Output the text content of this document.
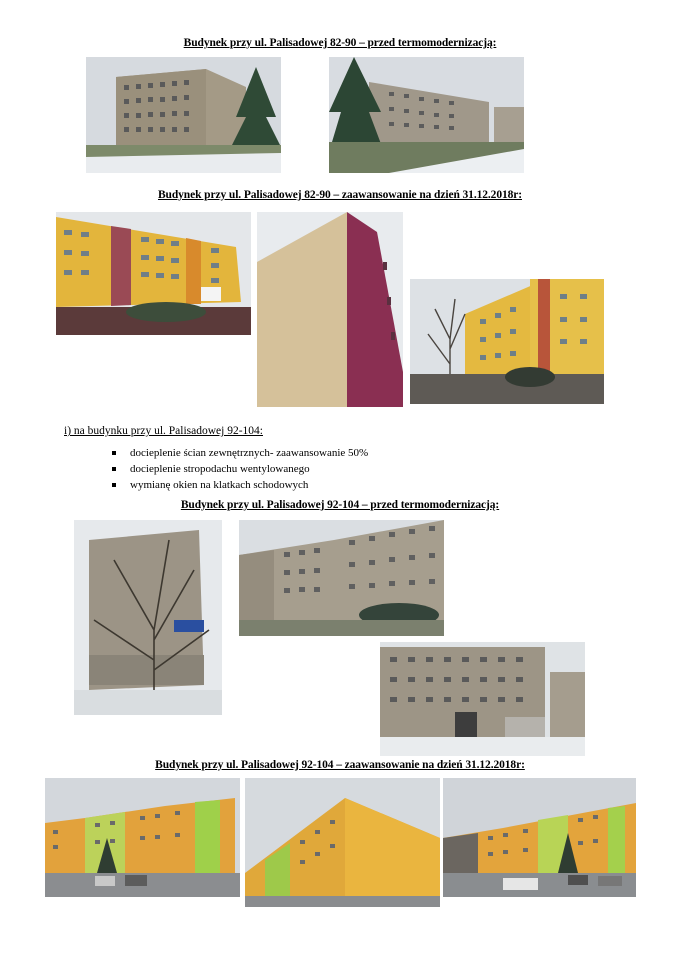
Budynek przy ul. Palisadowej 82-90 – przed termomodernizacją:
Budynek przy ul. Palisadowej 82-90 – zaawansowanie na dzień 31.12.2018r:
i) na budynku przy ul. Palisadowej 92-104:
docieplenie ścian zewnętrznych- zaawansowanie 50%
docieplenie stropodachu wentylowanego
wymianę okien na klatkach schodowych
Budynek przy ul. Palisadowej 92-104 – przed termomodernizacją:
Budynek przy ul. Palisadowej 92-104 – zaawansowanie na dzień 31.12.2018r:
